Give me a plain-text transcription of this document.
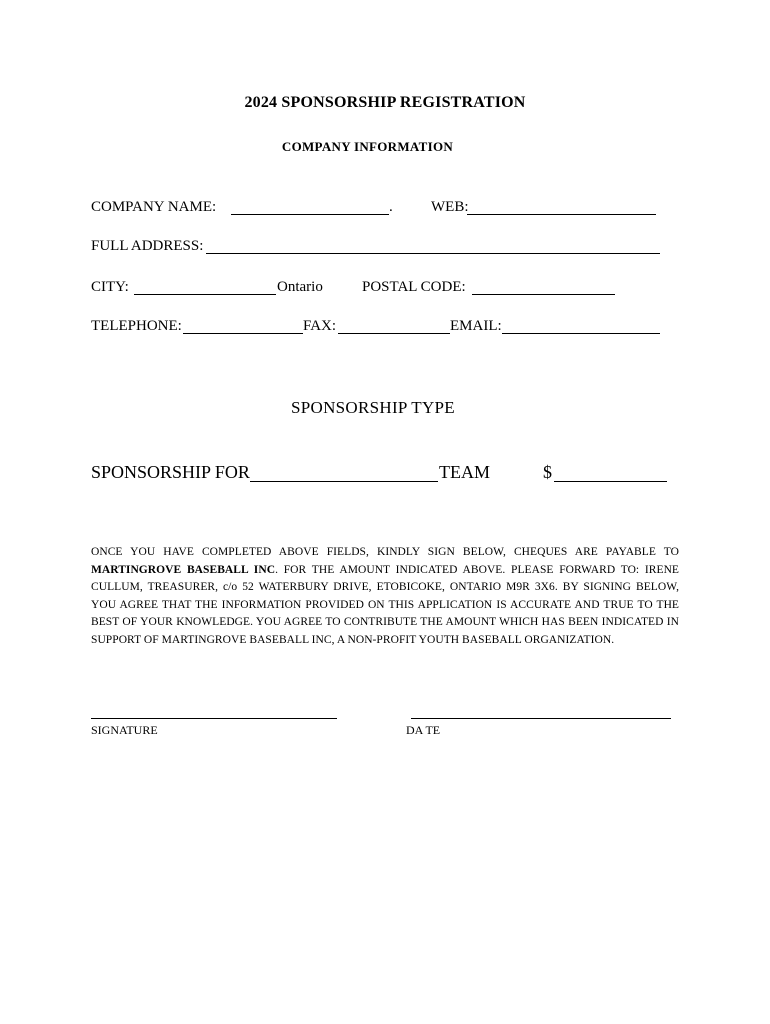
2024 SPONSORSHIP REGISTRATION
COMPANY INFORMATION
COMPANY NAME:	.	WEB:
FULL ADDRESS:
CITY:	Ontario	POSTAL CODE:
TELEPHONE:	FAX:	EMAIL:
SPONSORSHIP TYPE
SPONSORSHIP FOR	TEAM	$
ONCE YOU HAVE COMPLETED ABOVE FIELDS, KINDLY SIGN BELOW, CHEQUES ARE PAYABLE TO MARTINGROVE BASEBALL INC. FOR THE AMOUNT INDICATED ABOVE. PLEASE FORWARD TO: IRENE CULLUM, TREASURER, c/o 52 WATERBURY DRIVE, ETOBICOKE, ONTARIO M9R 3X6. BY SIGNING BELOW, YOU AGREE THAT THE INFORMATION PROVIDED ON THIS APPLICATION IS ACCURATE AND TRUE TO THE BEST OF YOUR KNOWLEDGE. YOU AGREE TO CONTRIBUTE THE AMOUNT WHICH HAS BEEN INDICATED IN SUPPORT OF MARTINGROVE BASEBALL INC, A NON-PROFIT YOUTH BASEBALL ORGANIZATION.
SIGNATURE	DA TE
